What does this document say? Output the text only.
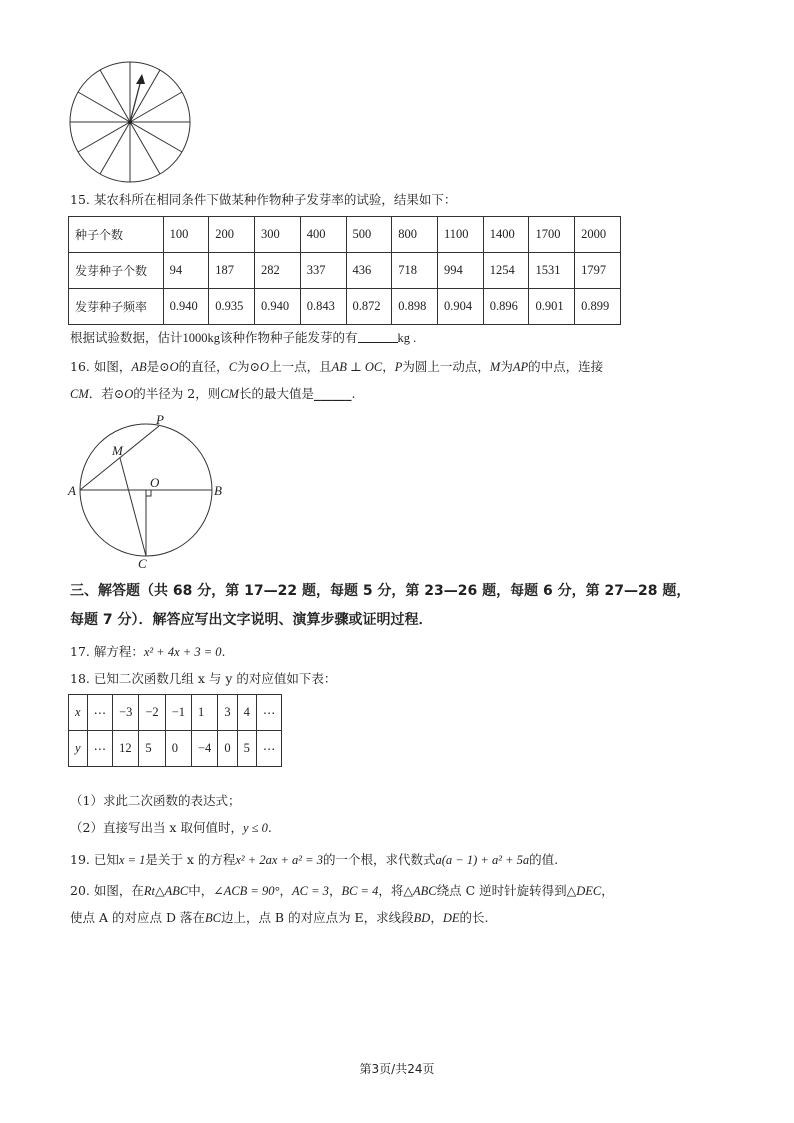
15. 某农科所在相同条件下做某种作物种子发芽率的试验，结果如下：
种子个数	100	200	300	400	500	800	1100	1400	1700	2000
发芽种子个数	94	187	282	337	436	718	994	1254	1531	1797
发芽种子频率	0.940	0.935	0.940	0.843	0.872	0.898	0.904	0.896	0.901	0.899
根据试验数据，估计1000kg该种作物种子能发芽的有	kg .
16. 如图，AB是⊙O的直径，C为⊙O上一点，且AB ⊥ OC，P为圆上一动点，M为AP的中点，连接
CM．若⊙O的半径为 2，则CM长的最大值是______.
P
M
O
A	B
C
三、解答题（共 68 分，第 17—22 题，每题 5 分，第 23—26 题，每题 6 分，第 27—28 题，
每题 7 分）．解答应写出文字说明、演算步骤或证明过程．
17. 解方程：x² + 4x + 3 = 0.
18. 已知二次函数几组 x 与 y 的对应值如下表：
x	⋯	−3	−2	−1	1	3	4	⋯
y	⋯	12	5	0	−4	0	5	⋯
（1）求此二次函数的表达式；
（2）直接写出当 x 取何值时，y ≤ 0.
19. 已知x = 1是关于 x 的方程x² + 2ax + a² = 3的一个根，求代数式a(a − 1) + a² + 5a的值.
20. 如图，在Rt△ABC中，∠ACB = 90°，AC = 3，BC = 4，将△ABC绕点 C 逆时针旋转得到△DEC，
使点 A 的对应点 D 落在BC边上，点 B 的对应点为 E，求线段BD，DE的长.
第3页/共24页
